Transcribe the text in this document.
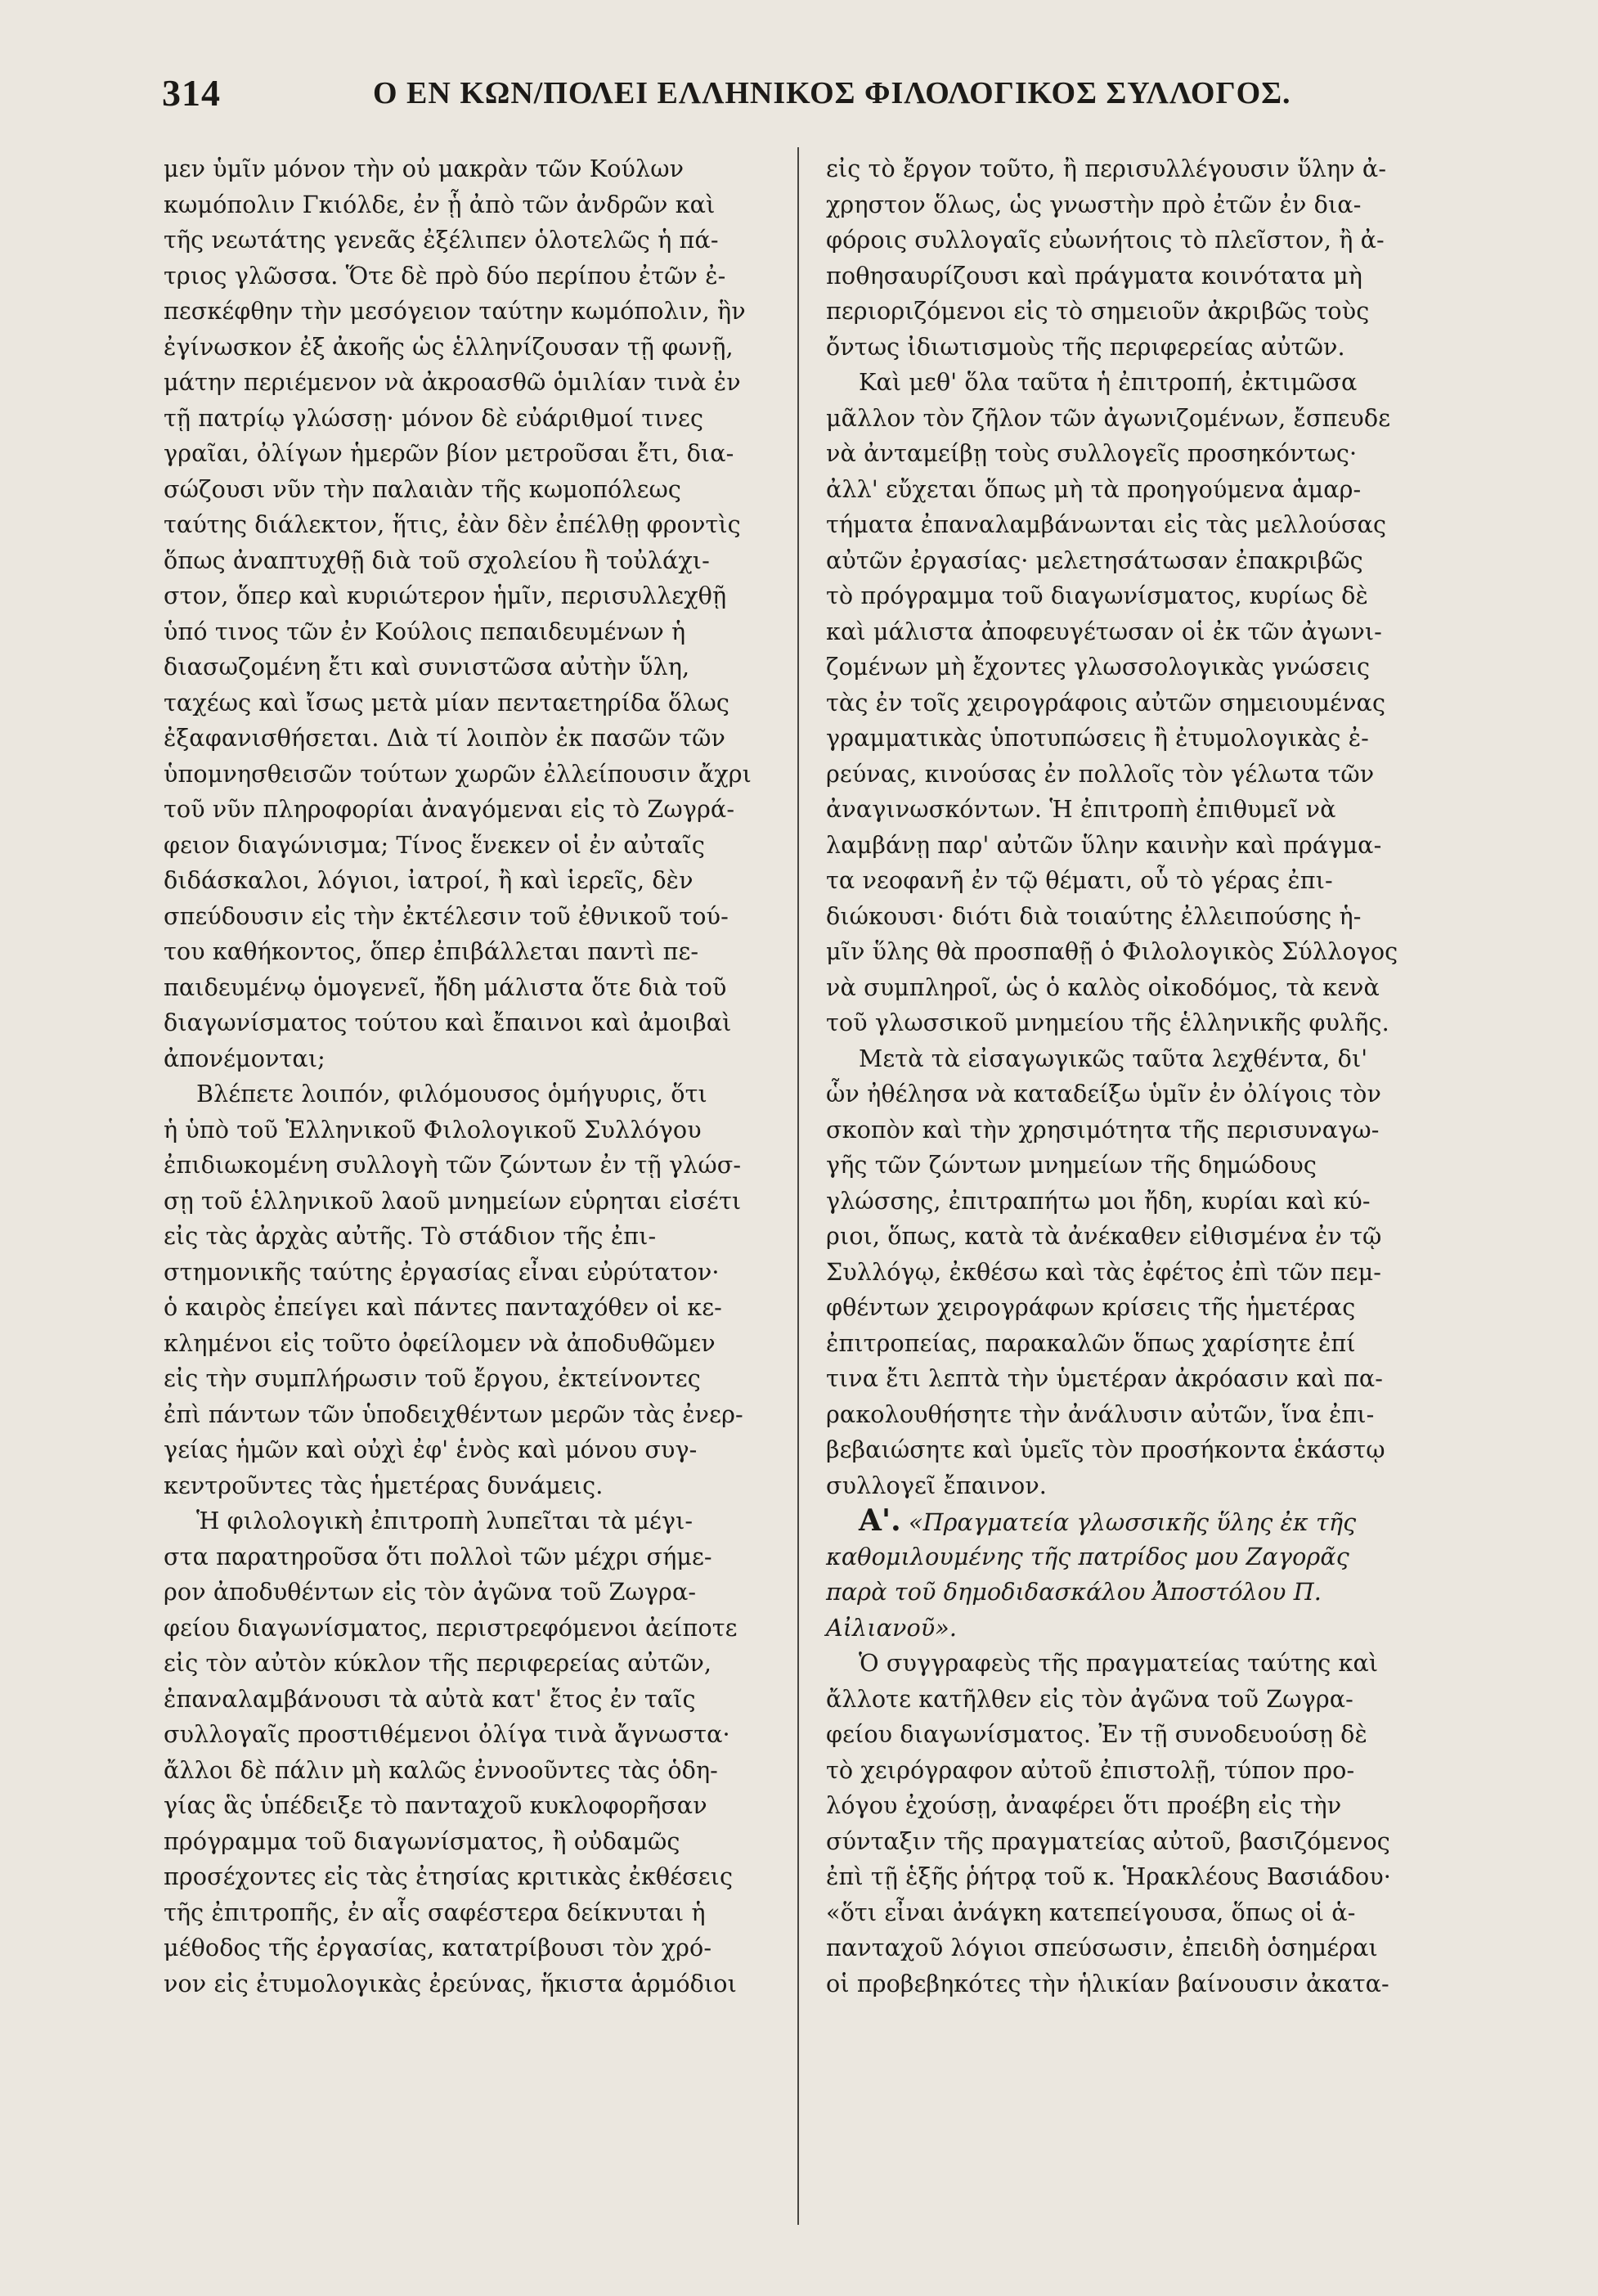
314	Ο ΕΝ ΚΩΝ/ΠΟΛΕΙ ΕΛΛΗΝΙΚΟΣ ΦΙΛΟΛΟΓΙΚΟΣ ΣΥΛΛΟΓΟΣ.

μεν ὑμῖν μόνον τὴν οὐ μακρὰν τῶν Κούλων
κωμόπολιν Γκιόλδε, ἐν ᾗ ἀπὸ τῶν ἀνδρῶν καὶ
τῆς νεωτάτης γενεᾶς ἐξέλιπεν ὁλοτελῶς ἡ πά-
τριος γλῶσσα. Ὅτε δὲ πρὸ δύο περίπου ἐτῶν ἐ-
πεσκέφθην τὴν μεσόγειον ταύτην κωμόπολιν, ἣν
ἐγίνωσκον ἐξ ἀκοῆς ὡς ἑλληνίζουσαν τῇ φωνῇ,
μάτην περιέμενον νὰ ἀκροασθῶ ὁμιλίαν τινὰ ἐν
τῇ πατρίῳ γλώσσῃ· μόνον δὲ εὐάριθμοί τινες
γραῖαι, ὀλίγων ἡμερῶν βίον μετροῦσαι ἔτι, δια-
σώζουσι νῦν τὴν παλαιὰν τῆς κωμοπόλεως
ταύτης διάλεκτον, ἥτις, ἐὰν δὲν ἐπέλθῃ φροντὶς
ὅπως ἀναπτυχθῇ διὰ τοῦ σχολείου ἢ τοὐλάχι-
στον, ὅπερ καὶ κυριώτερον ἡμῖν, περισυλλεχθῇ
ὑπό τινος τῶν ἐν Κούλοις πεπαιδευμένων ἡ
διασωζομένη ἔτι καὶ συνιστῶσα αὐτὴν ὕλη,
ταχέως καὶ ἴσως μετὰ μίαν πενταετηρίδα ὅλως
ἐξαφανισθήσεται. Διὰ τί λοιπὸν ἐκ πασῶν τῶν
ὑπομνησθεισῶν τούτων χωρῶν ἐλλείπουσιν ἄχρι
τοῦ νῦν πληροφορίαι ἀναγόμεναι εἰς τὸ Ζωγρά-
φειον διαγώνισμα; Τίνος ἕνεκεν οἱ ἐν αὐταῖς
διδάσκαλοι, λόγιοι, ἰατροί, ἢ καὶ ἱερεῖς, δὲν
σπεύδουσιν εἰς τὴν ἐκτέλεσιν τοῦ ἐθνικοῦ τού-
του καθήκοντος, ὅπερ ἐπιβάλλεται παντὶ πε-
παιδευμένῳ ὁμογενεῖ, ἤδη μάλιστα ὅτε διὰ τοῦ
διαγωνίσματος τούτου καὶ ἔπαινοι καὶ ἀμοιβαὶ
ἀπονέμονται;

Βλέπετε λοιπόν, φιλόμουσος ὁμήγυρις, ὅτι
ἡ ὑπὸ τοῦ Ἑλληνικοῦ Φιλολογικοῦ Συλλόγου
ἐπιδιωκομένη συλλογὴ τῶν ζώντων ἐν τῇ γλώσ-
σῃ τοῦ ἑλληνικοῦ λαοῦ μνημείων εὑρηται εἰσέτι
εἰς τὰς ἀρχὰς αὐτῆς. Τὸ στάδιον τῆς ἐπι-
στημονικῆς ταύτης ἐργασίας εἶναι εὐρύτατον·
ὁ καιρὸς ἐπείγει καὶ πάντες πανταχόθεν οἱ κε-
κλημένοι εἰς τοῦτο ὀφείλομεν νὰ ἀποδυθῶμεν
εἰς τὴν συμπλήρωσιν τοῦ ἔργου, ἐκτείνοντες
ἐπὶ πάντων τῶν ὑποδειχθέντων μερῶν τὰς ἐνερ-
γείας ἡμῶν καὶ οὐχὶ ἐφ' ἑνὸς καὶ μόνου συγ-
κεντροῦντες τὰς ἡμετέρας δυνάμεις.

Ἡ φιλολογικὴ ἐπιτροπὴ λυπεῖται τὰ μέγι-
στα παρατηροῦσα ὅτι πολλοὶ τῶν μέχρι σήμε-
ρον ἀποδυθέντων εἰς τὸν ἀγῶνα τοῦ Ζωγρα-
φείου διαγωνίσματος, περιστρεφόμενοι ἀείποτε
εἰς τὸν αὐτὸν κύκλον τῆς περιφερείας αὐτῶν,
ἐπαναλαμβάνουσι τὰ αὐτὰ κατ' ἔτος ἐν ταῖς
συλλογαῖς προστιθέμενοι ὀλίγα τινὰ ἄγνωστα·
ἄλλοι δὲ πάλιν μὴ καλῶς ἐννοοῦντες τὰς ὁδη-
γίας ἃς ὑπέδειξε τὸ πανταχοῦ κυκλοφορῆσαν
πρόγραμμα τοῦ διαγωνίσματος, ἢ οὐδαμῶς
προσέχοντες εἰς τὰς ἐτησίας κριτικὰς ἐκθέσεις
τῆς ἐπιτροπῆς, ἐν αἷς σαφέστερα δείκνυται ἡ
μέθοδος τῆς ἐργασίας, κατατρίβουσι τὸν χρό-
νον εἰς ἐτυμολογικὰς ἐρεύνας, ἥκιστα ἁρμόδιοι

εἰς τὸ ἔργον τοῦτο, ἢ περισυλλέγουσιν ὕλην ἀ-
χρηστον ὅλως, ὡς γνωστὴν πρὸ ἐτῶν ἐν δια-
φόροις συλλογαῖς εὐωνήτοις τὸ πλεῖστον, ἢ ἀ-
ποθησαυρίζουσι καὶ πράγματα κοινότατα μὴ
περιοριζόμενοι εἰς τὸ σημειοῦν ἀκριβῶς τοὺς
ὄντως ἰδιωτισμοὺς τῆς περιφερείας αὐτῶν.

Καὶ μεθ' ὅλα ταῦτα ἡ ἐπιτροπή, ἐκτιμῶσα
μᾶλλον τὸν ζῆλον τῶν ἀγωνιζομένων, ἔσπευδε
νὰ ἀνταμείβῃ τοὺς συλλογεῖς προσηκόντως·
ἀλλ' εὔχεται ὅπως μὴ τὰ προηγούμενα ἁμαρ-
τήματα ἐπαναλαμβάνωνται εἰς τὰς μελλούσας
αὐτῶν ἐργασίας· μελετησάτωσαν ἐπακριβῶς
τὸ πρόγραμμα τοῦ διαγωνίσματος, κυρίως δὲ
καὶ μάλιστα ἀποφευγέτωσαν οἱ ἐκ τῶν ἀγωνι-
ζομένων μὴ ἔχοντες γλωσσολογικὰς γνώσεις
τὰς ἐν τοῖς χειρογράφοις αὐτῶν σημειουμένας
γραμματικὰς ὑποτυπώσεις ἢ ἐτυμολογικὰς ἐ-
ρεύνας, κινούσας ἐν πολλοῖς τὸν γέλωτα τῶν
ἀναγινωσκόντων. Ἡ ἐπιτροπὴ ἐπιθυμεῖ νὰ
λαμβάνῃ παρ' αὐτῶν ὕλην καινὴν καὶ πράγμα-
τα νεοφανῆ ἐν τῷ θέματι, οὗ τὸ γέρας ἐπι-
διώκουσι· διότι διὰ τοιαύτης ἐλλειπούσης ἡ-
μῖν ὕλης θὰ προσπαθῇ ὁ Φιλολογικὸς Σύλλογος
νὰ συμπληροῖ, ὡς ὁ καλὸς οἰκοδόμος, τὰ κενὰ
τοῦ γλωσσικοῦ μνημείου τῆς ἑλληνικῆς φυλῆς.

Μετὰ τὰ εἰσαγωγικῶς ταῦτα λεχθέντα, δι'
ὧν ἠθέλησα νὰ καταδείξω ὑμῖν ἐν ὀλίγοις τὸν
σκοπὸν καὶ τὴν χρησιμότητα τῆς περισυναγω-
γῆς τῶν ζώντων μνημείων τῆς δημώδους
γλώσσης, ἐπιτραπήτω μοι ἤδη, κυρίαι καὶ κύ-
ριοι, ὅπως, κατὰ τὰ ἀνέκαθεν εἰθισμένα ἐν τῷ
Συλλόγῳ, ἐκθέσω καὶ τὰς ἐφέτος ἐπὶ τῶν πεμ-
φθέντων χειρογράφων κρίσεις τῆς ἡμετέρας
ἐπιτροπείας, παρακαλῶν ὅπως χαρίσητε ἐπί
τινα ἔτι λεπτὰ τὴν ὑμετέραν ἀκρόασιν καὶ πα-
ρακολουθήσητε τὴν ἀνάλυσιν αὐτῶν, ἵνα ἐπι-
βεβαιώσητε καὶ ὑμεῖς τὸν προσήκοντα ἑκάστῳ
συλλογεῖ ἔπαινον.

Α'. «Πραγματεία γλωσσικῆς ὕλης ἐκ τῆς
καθομιλουμένης τῆς πατρίδος μου Ζαγορᾶς
παρὰ τοῦ δημοδιδασκάλου Ἀποστόλου Π.
Αἰλιανοῦ».

Ὁ συγγραφεὺς τῆς πραγματείας ταύτης καὶ
ἄλλοτε κατῆλθεν εἰς τὸν ἀγῶνα τοῦ Ζωγρα-
φείου διαγωνίσματος. Ἐν τῇ συνοδευούσῃ δὲ
τὸ χειρόγραφον αὐτοῦ ἐπιστολῇ, τύπον προ-
λόγου ἐχούσῃ, ἀναφέρει ὅτι προέβη εἰς τὴν
σύνταξιν τῆς πραγματείας αὐτοῦ, βασιζόμενος
ἐπὶ τῇ ἑξῆς ῥήτρᾳ τοῦ κ. Ἡρακλέους Βασιάδου·
«ὅτι εἶναι ἀνάγκη κατεπείγουσα, ὅπως οἱ ἁ-
πανταχοῦ λόγιοι σπεύσωσιν, ἐπειδὴ ὁσημέραι
οἱ προβεβηκότες τὴν ἡλικίαν βαίνουσιν ἀκατα-
